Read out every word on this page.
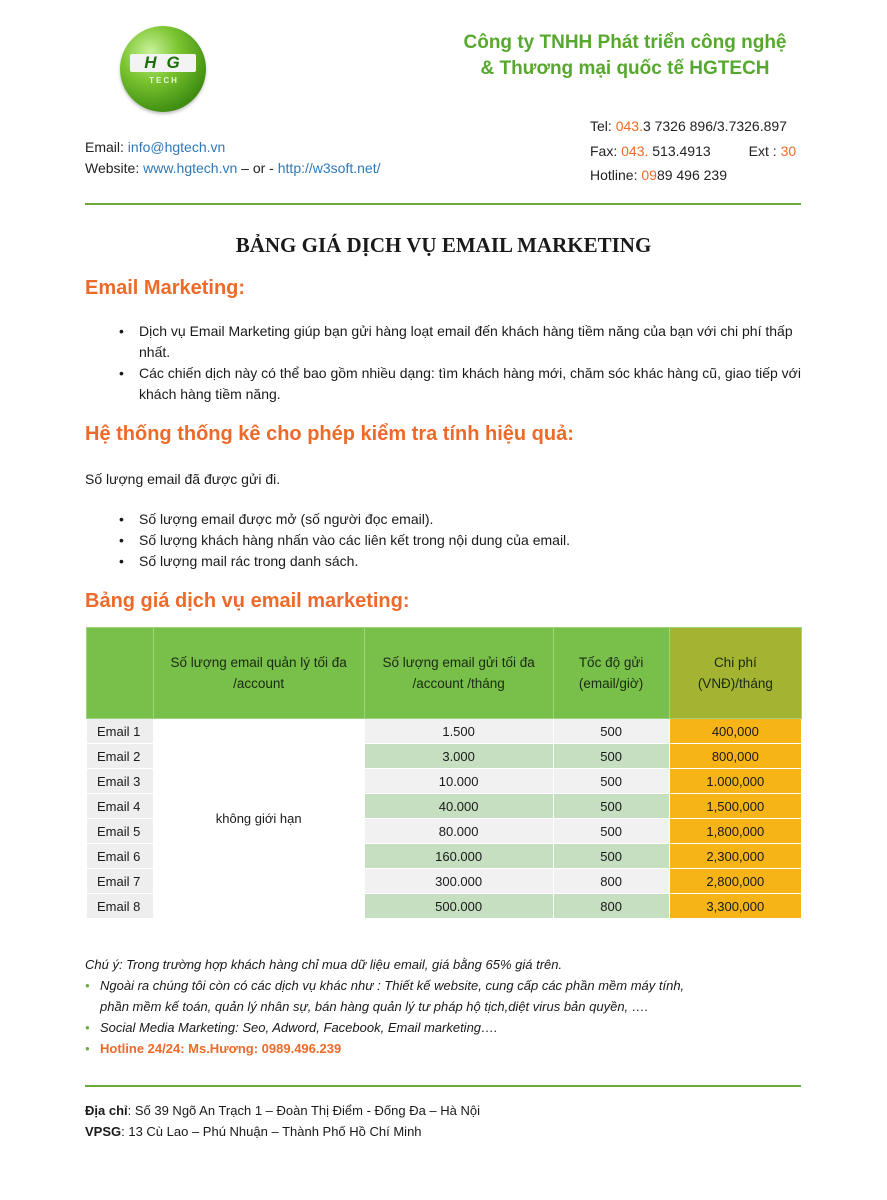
HG
TECH
Công ty TNHH Phát triển công nghệ
& Thương mại quốc tế HGTECH
Email: info@hgtech.vn
Website: www.hgtech.vn – or - http://w3soft.net/
Tel: 043.3 7326 896/3.7326.897
Fax: 043. 513.4913	Ext : 30
Hotline: 0989 496 239
BẢNG GIÁ DỊCH VỤ EMAIL MARKETING
Email Marketing:
• Dịch vụ Email Marketing giúp bạn gửi hàng loạt email đến khách hàng tiềm năng của bạn với chi phí thấp nhất.
• Các chiến dịch này có thể bao gồm nhiều dạng: tìm khách hàng mới, chăm sóc khác hàng cũ, giao tiếp với khách hàng tiềm năng.
Hệ thống thống kê cho phép kiểm tra tính hiệu quả:
Số lượng email đã được gửi đi.
• Số lượng email được mở (số người đọc email).
• Số lượng khách hàng nhấn vào các liên kết trong nội dung của email.
• Số lượng mail rác trong danh sách.
Bảng giá dịch vụ email marketing:
	Số lượng email quản lý tối đa /account	Số lượng email gửi tối đa /account /tháng	Tốc độ gửi (email/giờ)	Chi phí (VNĐ)/tháng
Email 1	không giới hạn	1.500	500	400,000
Email 2		3.000	500	800,000
Email 3		10.000	500	1.000,000
Email 4		40.000	500	1,500,000
Email 5		80.000	500	1,800,000
Email 6		160.000	500	2,300,000
Email 7		300.000	800	2,800,000
Email 8		500.000	800	3,300,000
Chú ý: Trong trường hợp khách hàng chỉ mua dữ liệu email, giá bằng 65% giá trên.
● Ngoài ra chúng tôi còn có các dịch vụ khác như : Thiết kế website, cung cấp các phần mềm máy tính,
phần mềm kế toán, quản lý nhân sự, bán hàng quản lý tư pháp hộ tịch,diệt virus bản quyền, ….
● Social Media Marketing: Seo, Adword, Facebook, Email marketing….
● Hotline 24/24: Ms.Hương: 0989.496.239
Địa chỉ: Số 39 Ngõ An Trạch 1 – Đoàn Thị Điểm - Đống Đa – Hà Nội
VPSG: 13 Cù Lao – Phú Nhuận – Thành Phố Hồ Chí Minh
